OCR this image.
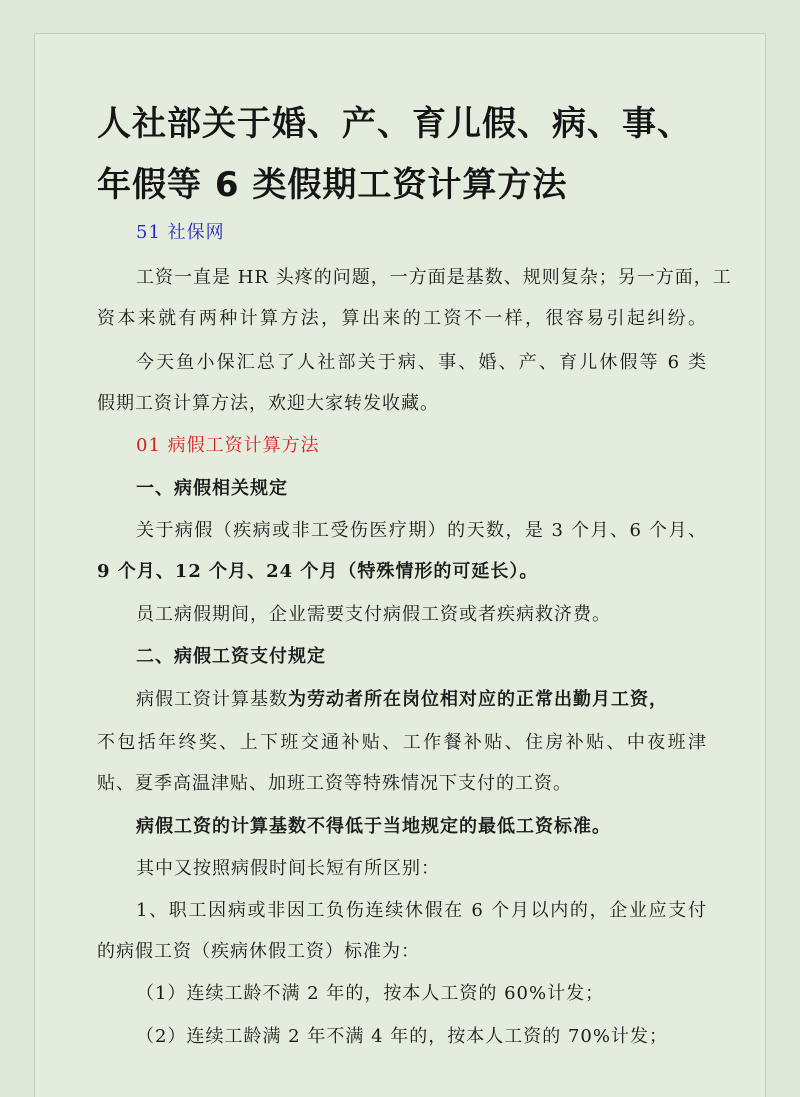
人社部关于婚、产、育儿假、病、事、
年假等 6 类假期工资计算方法
51 社保网
工资一直是 HR 头疼的问题，一方面是基数、规则复杂；另一方面，工
资本来就有两种计算方法，算出来的工资不一样，很容易引起纠纷。
今天鱼小保汇总了人社部关于病、事、婚、产、育儿休假等 6 类
假期工资计算方法，欢迎大家转发收藏。
01 病假工资计算方法
一、病假相关规定
关于病假（疾病或非工受伤医疗期）的天数，是 3 个月、6 个月、
9 个月、12 个月、24 个月（特殊情形的可延长）。
员工病假期间，企业需要支付病假工资或者疾病救济费。
二、病假工资支付规定
病假工资计算基数为劳动者所在岗位相对应的正常出勤月工资，
不包括年终奖、上下班交通补贴、工作餐补贴、住房补贴、中夜班津
贴、夏季高温津贴、加班工资等特殊情况下支付的工资。
病假工资的计算基数不得低于当地规定的最低工资标准。
其中又按照病假时间长短有所区别：
1、职工因病或非因工负伤连续休假在 6 个月以内的，企业应支付
的病假工资（疾病休假工资）标准为：
（1）连续工龄不满 2 年的，按本人工资的 60%计发；
（2）连续工龄满 2 年不满 4 年的，按本人工资的 70%计发；
